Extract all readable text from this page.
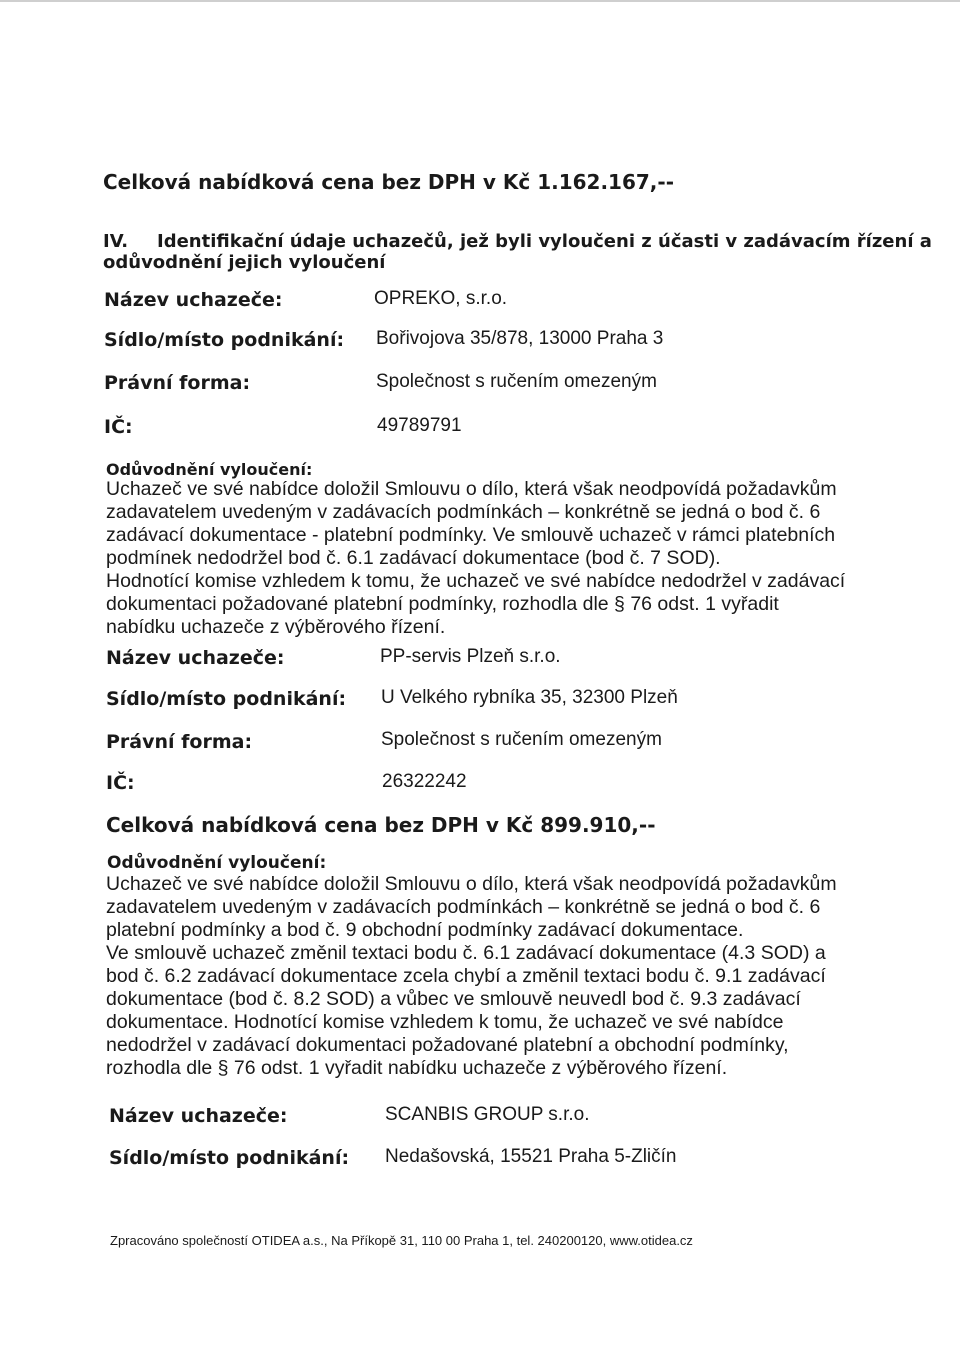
Celková nabídková cena bez DPH v Kč 1.162.167,--
IV. Identifikační údaje uchazečů, jež byli vyloučeni z účasti v zadávacím řízení a
odůvodnění jejich vyloučení
Název uchazeče:	OPREKO, s.r.o.
Sídlo/místo podnikání: Bořivojova 35/878, 13000 Praha 3
Právní forma:	Společnost s ručením omezeným
IČ:	49789791
Odůvodnění vyloučení:
Uchazeč ve své nabídce doložil Smlouvu o dílo, která však neodpovídá požadavkům
zadavatelem uvedeným v zadávacích podmínkách – konkrétně se jedná o bod č. 6
zadávací dokumentace - platební podmínky. Ve smlouvě uchazeč v rámci platebních
podmínek nedodržel bod č. 6.1 zadávací dokumentace (bod č. 7 SOD).
Hodnotící komise vzhledem k tomu, že uchazeč ve své nabídce nedodržel v zadávací
dokumentaci požadované platební podmínky, rozhodla dle § 76 odst. 1 vyřadit
nabídku uchazeče z výběrového řízení.
Název uchazeče:	PP-servis Plzeň s.r.o.
Sídlo/místo podnikání: U Velkého rybníka 35, 32300 Plzeň
Právní forma:	Společnost s ručením omezeným
IČ:	26322242
Celková nabídková cena bez DPH v Kč 899.910,--
Odůvodnění vyloučení:
Uchazeč ve své nabídce doložil Smlouvu o dílo, která však neodpovídá požadavkům
zadavatelem uvedeným v zadávacích podmínkách – konkrétně se jedná o bod č. 6
platební podmínky a bod č. 9 obchodní podmínky zadávací dokumentace.
Ve smlouvě uchazeč změnil textaci bodu č. 6.1 zadávací dokumentace (4.3 SOD) a
bod č. 6.2 zadávací dokumentace zcela chybí a změnil textaci bodu č. 9.1 zadávací
dokumentace (bod č. 8.2 SOD) a vůbec ve smlouvě neuvedl bod č. 9.3 zadávací
dokumentace. Hodnotící komise vzhledem k tomu, že uchazeč ve své nabídce
nedodržel v zadávací dokumentaci požadované platební a obchodní podmínky,
rozhodla dle § 76 odst. 1 vyřadit nabídku uchazeče z výběrového řízení.
Název uchazeče:	SCANBIS GROUP s.r.o.
Sídlo/místo podnikání: Nedašovská, 15521 Praha 5-Zličín
Zpracováno společností OTIDEA a.s., Na Příkopě 31, 110 00 Praha 1, tel. 240200120, www.otidea.cz
